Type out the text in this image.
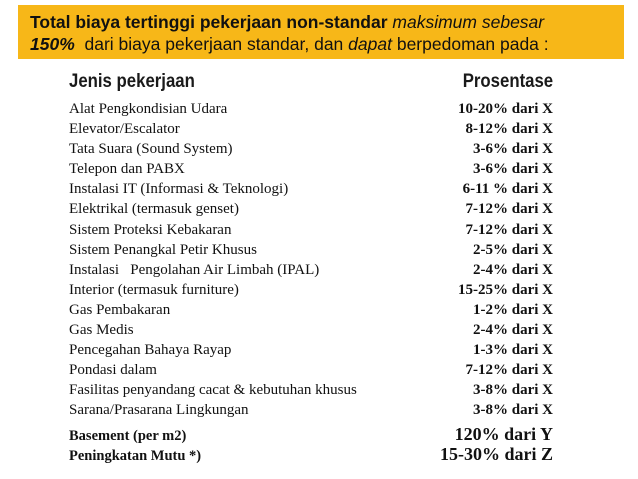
Total biaya tertinggi pekerjaan non-standar maksimum sebesar
150% dari biaya pekerjaan standar, dan dapat berpedoman pada :
Jenis pekerjaan	Prosentase
Alat Pengkondisian Udara	10-20% dari X
Elevator/Escalator	8-12% dari X
Tata Suara (Sound System)	3-6% dari X
Telepon dan PABX	3-6% dari X
Instalasi IT (Informasi & Teknologi)	6-11 % dari X
Elektrikal (termasuk genset)	7-12% dari X
Sistem Proteksi Kebakaran	7-12% dari X
Sistem Penangkal Petir Khusus	2-5% dari X
Instalasi   Pengolahan Air Limbah (IPAL)	2-4% dari X
Interior (termasuk furniture)	15-25% dari X
Gas Pembakaran	1-2% dari X
Gas Medis	2-4% dari X
Pencegahan Bahaya Rayap	1-3% dari X
Pondasi dalam	7-12% dari X
Fasilitas penyandang cacat & kebutuhan khusus	3-8% dari X
Sarana/Prasarana Lingkungan	3-8% dari X
Basement (per m2)	120% dari Y
Peningkatan Mutu *)	15-30% dari Z
